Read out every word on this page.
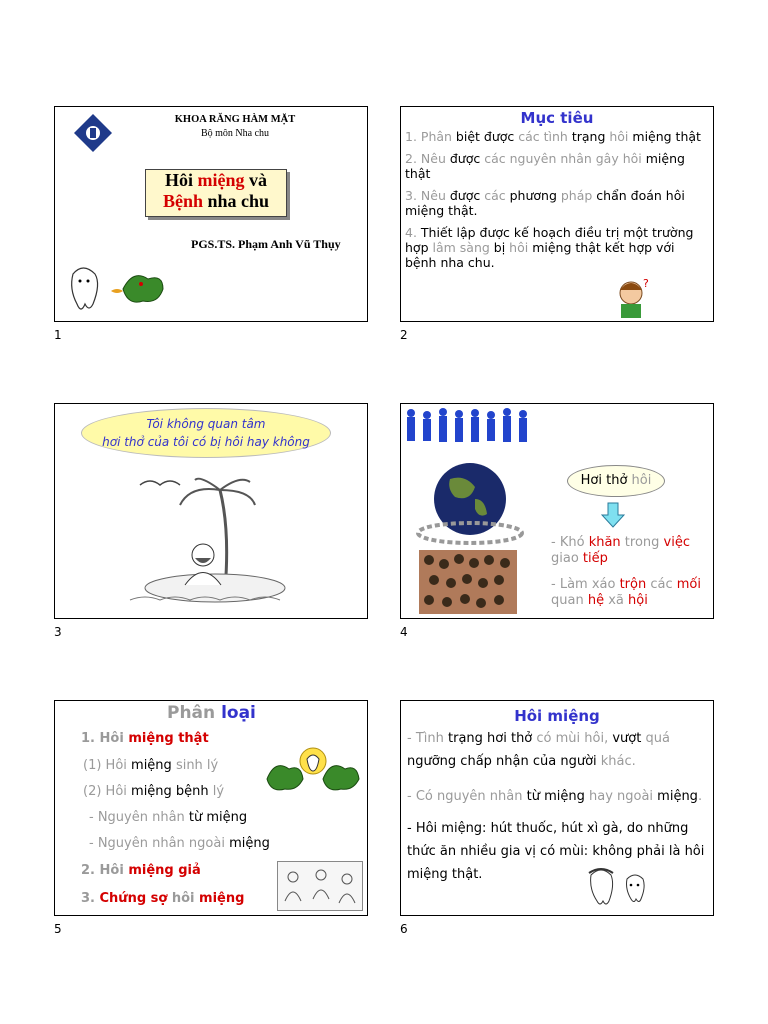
KHOA RĂNG HÀM MẶT
Bộ môn Nha chu
Hôi miệng và
Bệnh nha chu
PGS.TS. Phạm Anh Vũ Thụy
1
Mục tiêu
1. Phân biệt được các tình trạng hôi miệng thật
2. Nêu được các nguyên nhân gây hôi miệng thật
3. Nêu được các phương pháp chẩn đoán hôi miệng thật.
4. Thiết lập được kế hoạch điều trị một trường hợp lâm sàng bị hôi miệng thật kết hợp với bệnh nha chu.
?
2
Tôi không quan tâm
hơi thở của tôi có bị hôi hay không
3
Hơi thở hôi
- Khó khăn trong việc giao tiếp
- Làm xáo trộn các mối quan hệ xã hội
4
Phân loại
1. Hôi miệng thật
(1) Hôi miệng sinh lý
(2) Hôi miệng bệnh lý
- Nguyên nhân từ miệng
- Nguyên nhân ngoài miệng
2. Hôi miệng giả
3. Chứng sợ hôi miệng
5
Hôi miệng
- Tình trạng hơi thở có mùi hôi, vượt quá ngưỡng chấp nhận của người khác.
- Có nguyên nhân từ miệng hay ngoài miệng.
- Hôi miệng: hút thuốc, hút xì gà, do những thức ăn nhiều gia vị có mùi: không phải là hôi miệng thật.
6
